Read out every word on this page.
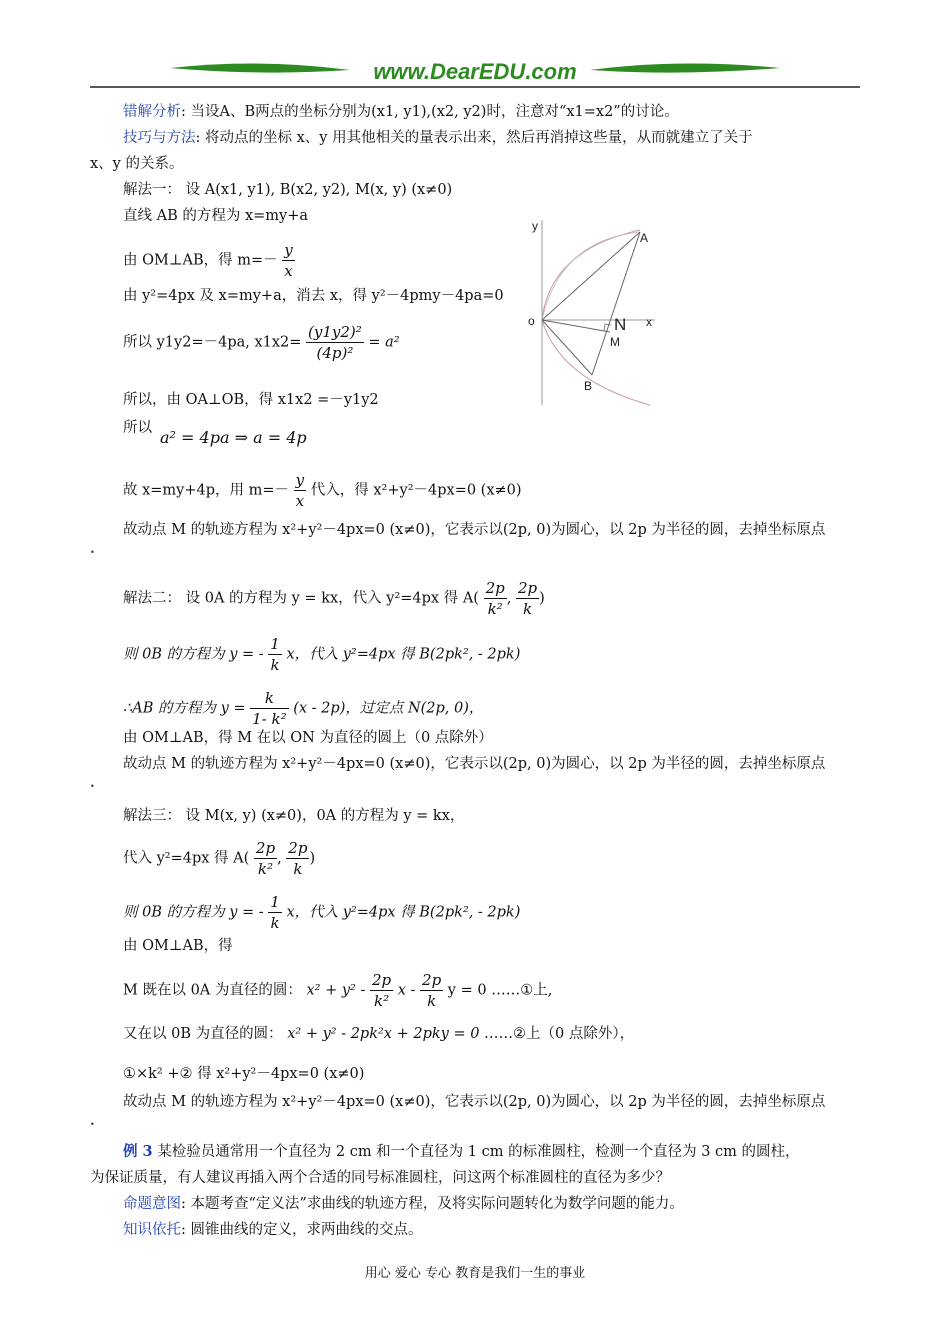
www.DearEDU.com
错解分析: 当设A、B两点的坐标分别为(x1, y1),(x2, y2)时，注意对“x1=x2”的讨论。
技巧与方法: 将动点的坐标 x、y 用其他相关的量表示出来，然后再消掉这些量，从而就建立了关于
x、y 的关系。
解法一： 设 A(x1, y1), B(x2, y2), M(x, y) (x≠0)
直线 AB 的方程为 x=my+a
由 OM⊥AB，得 $m=- \frac{y}{x}$
由 y²=4px 及 x=my+a，消去 x，得 y²－4pmy－4pa=0
所以 y1y2=－4pa, $x1x2= \frac{\text{(y1y2)²}}{\text{(4p)²}} = a^2$
所以，由 OA⊥OB，得 x1x2 =－y1y2
所以 a² = 4pa ⇒ a = 4p
故 x=my+4p，用 $m=- \frac{y}{x}$ 代入，得 x²+y²－4px=0 (x≠0)
故动点 M 的轨迹方程为 x²+y²－4px=0 (x≠0)，它表示以(2p, 0)为圆心，以 2p 为半径的圆，去掉坐标原点
•
y
A
o	N x
M
B
解法二： 设 0A 的方程为 y = kx，代入 y²=4px 得 $A( \frac{2p}{\text{k²}}$ , $\frac{2p}{k}$ )
则 0B 的方程为 y = - $\frac{1}{k}$ x，代入 y²=4px 得 B(2pk², - 2pk)
∴AB 的方程为 $y = \frac{k}{\text{1- k²}} (x - 2p)$，过定点 N(2p, 0)，
由 OM⊥AB，得 M 在以 ON 为直径的圆上（0 点除外）
故动点 M 的轨迹方程为 x²+y²－4px=0 (x≠0)，它表示以(2p, 0)为圆心，以 2p 为半径的圆，去掉坐标原点
•
解法三： 设 M(x, y) (x≠0)，0A 的方程为 y = kx，
代入 y²=4px 得 $A( \frac{2p}{\text{k²}}$ , $\frac{2p}{k}$ )
则 0B 的方程为 y = - $\frac{1}{k}$ x，代入 y²=4px 得 B(2pk², - 2pk)
由 OM⊥AB，得
M 既在以 0A 为直径的圆： $x^2 + y^2 - \frac{2p}{\text{k²}}$ x - $\frac{2p}{k}$ y = 0 ……①上,
又在以 0B 为直径的圆： x² + y² - 2pk²x + 2pky = 0 ……②上（0 点除外），
①×k² +② 得 x²+y²－4px=0 (x≠0)
故动点 M 的轨迹方程为 x²+y²－4px=0 (x≠0)，它表示以(2p, 0)为圆心，以 2p 为半径的圆，去掉坐标原点
•
例 3 某检验员通常用一个直径为 2 cm 和一个直径为 1 cm 的标准圆柱，检测一个直径为 3 cm 的圆柱，
为保证质量，有人建议再插入两个合适的同号标准圆柱，问这两个标准圆柱的直径为多少？
命题意图: 本题考查“定义法”求曲线的轨迹方程，及将实际问题转化为数学问题的能力。
知识依托: 圆锥曲线的定义，求两曲线的交点。
用心 爱心 专心 教育是我们一生的事业
